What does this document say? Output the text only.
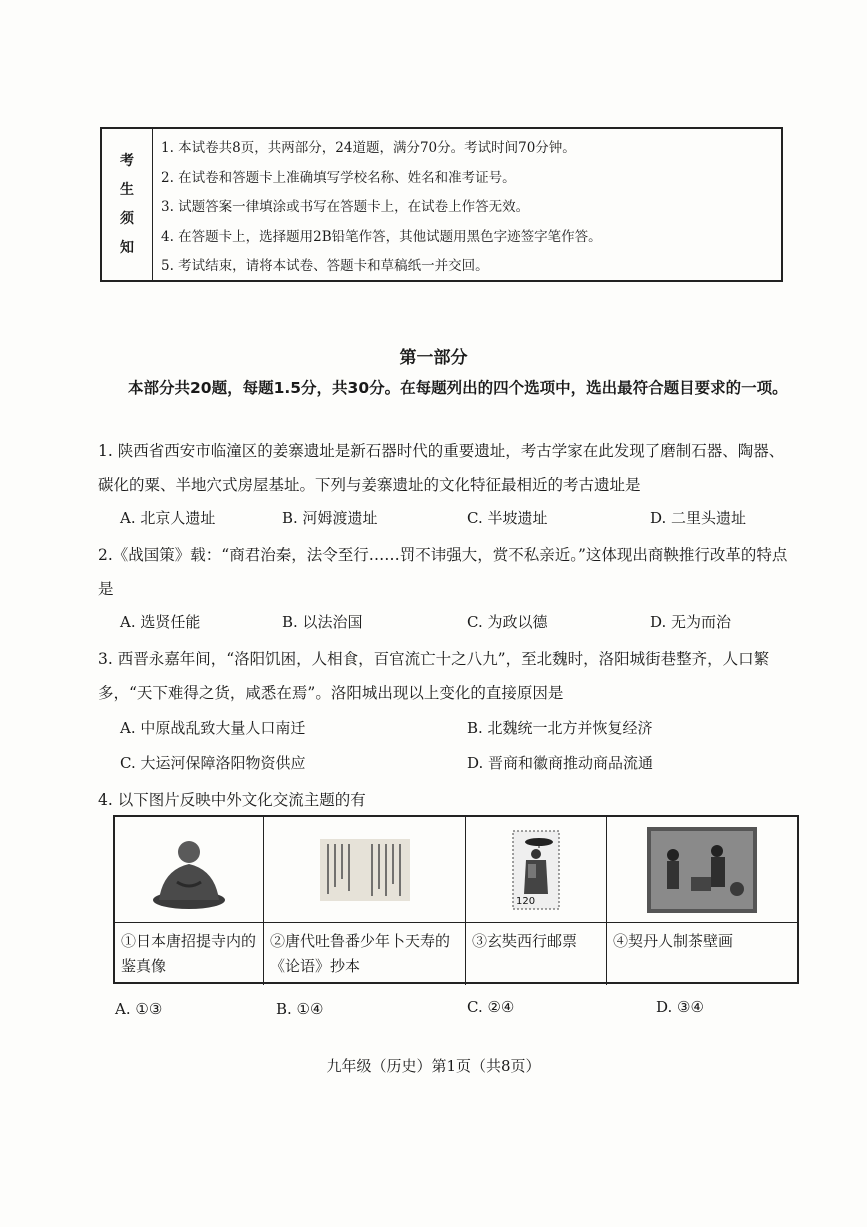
考
生
须
知
1. 本试卷共8页，共两部分，24道题，满分70分。考试时间70分钟。
2. 在试卷和答题卡上准确填写学校名称、姓名和准考证号。
3. 试题答案一律填涂或书写在答题卡上，在试卷上作答无效。
4. 在答题卡上，选择题用2B铅笔作答，其他试题用黑色字迹签字笔作答。
5. 考试结束，请将本试卷、答题卡和草稿纸一并交回。
第一部分
本部分共20题，每题1.5分，共30分。在每题列出的四个选项中，选出最符合题目要求的一项。
1. 陕西省西安市临潼区的姜寨遗址是新石器时代的重要遗址，考古学家在此发现了磨制石器、陶器、碳化的粟、半地穴式房屋基址。下列与姜寨遗址的文化特征最相近的考古遗址是
A. 北京人遗址	B. 河姆渡遗址	C. 半坡遗址	D. 二里头遗址
2.《战国策》载：“商君治秦，法令至行……罚不讳强大，赏不私亲近。”这体现出商鞅推行改革的特点是
A. 选贤任能	B. 以法治国	C. 为政以德	D. 无为而治
3. 西晋永嘉年间，“洛阳饥困，人相食，百官流亡十之八九”，至北魏时，洛阳城街巷整齐，人口繁多，“天下难得之货，咸悉在焉”。洛阳城出现以上变化的直接原因是
A. 中原战乱致大量人口南迁	B. 北魏统一北方并恢复经济
C. 大运河保障洛阳物资供应	D. 晋商和徽商推动商品流通
4. 以下图片反映中外文化交流主题的有
120
①日本唐招提寺内的鉴真像
②唐代吐鲁番少年卜天寿的《论语》抄本
③玄奘西行邮票	④契丹人制茶壁画
A. ①③	B. ①④	C. ②④	D. ③④
九年级（历史）第1页（共8页）
